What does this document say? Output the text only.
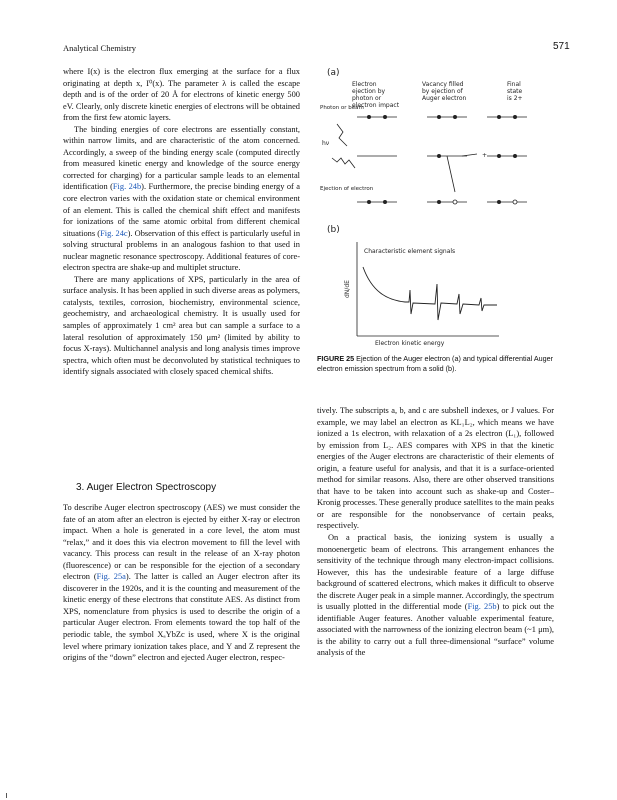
Analytical Chemistry	571

where I(x) is the electron flux emerging at the surface for a flux originating at depth x, I⁰(x). The parameter λ is called the escape depth and is of the order of 20 Å for electrons of kinetic energy 500 eV. Clearly, only discrete kinetic energies of electrons will be obtained from the first few atomic layers.

The binding energies of core electrons are essentially constant, within narrow limits, and are characteristic of the atom concerned. Accordingly, a sweep of the binding energy scale (computed directly from measured kinetic energy and knowledge of the source energy corrected for charging) for a particular sample leads to an elemental identification (Fig. 24b). Furthermore, the precise binding energy of a core electron varies with the oxidation state or chemical environment of an element. This is called the chemical shift effect and manifests for ionizations of the same atomic orbital from different chemical situations (Fig. 24c). Observation of this effect is particularly useful in solving structural problems in an analogous fashion to that used in nuclear magnetic resonance spectroscopy. Additional features of core-electron spectra are shake-up and multiplet structure.

There are many applications of XPS, particularly in the area of surface analysis. It has been applied in such diverse areas as polymers, catalysts, textiles, corrosion, biochemistry, environmental science, geochemistry, and archaeological chemistry. It is usually used for samples of approximately 1 cm² area but can sample a surface to a lateral resolution of approximately 150 μm² (limited by ability to focus X-rays). Multichannel analysis and long analysis times improve spectra, which often must be deconvoluted by statistical techniques to identify signals associated with closely spaced chemical shifts.

3. Auger Electron Spectroscopy

To describe Auger electron spectroscopy (AES) we must consider the fate of an atom after an electron is ejected by either X-ray or electron impact. When a hole is generated in a core level, the atom must “relax,” and it does this via electron movement to fill the level with vacancy. This process can result in the release of an X-ray photon (fluorescence) or can be responsible for the ejection of a secondary electron (Fig. 25a). The latter is called an Auger electron after its discoverer in the 1920s, and it is the counting and measurement of the kinetic energy of these electrons that constitute AES. As distinct from XPS, nomenclature from physics is used to describe the origin of a particular Auger electron. From elements toward the top half of the periodic table, the symbol XₐYbZc is used, where X is the original level where primary ionization takes place, and Y and Z represent the origins of the “down” electron and ejected Auger electron, respec-

(a)
Electron ejection by photon or electron impact
Vacancy filled by ejection of Auger electron
Final state is 2+
Photon or beam
hν
Ejection of electron
+
(b)
Characteristic element signals
dN/dE
Electron kinetic energy
FIGURE 25 Ejection of the Auger electron (a) and typical differential Auger electron emission spectrum from a solid (b).

tively. The subscripts a, b, and c are subshell indexes, or J values. For example, we may label an electron as KL₁L₂, which means we have ionized a 1s electron, with relaxation of a 2s electron (L₁), followed by emission from L₂. AES compares with XPS in that the kinetic energies of the Auger electrons are characteristic of their elements of origin, a feature useful for analysis, and that it is a surface-oriented method for similar reasons. Also, there are other observed transitions that have to be taken into account such as shake-up and Coster–Kronig processes. These generally produce satellites to the main peaks or are responsible for the nonobservance of certain peaks, respectively.

On a practical basis, the ionizing system is usually a monoenergetic beam of electrons. This arrangement enhances the sensitivity of the technique through many electron-impact collisions. However, this has the undesirable feature of a large diffuse background of scattered electrons, which makes it difficult to observe the discrete Auger peak in a simple manner. Accordingly, the spectrum is usually plotted in the differential mode (Fig. 25b) to pick out the identifiable Auger features. Another valuable experimental feature, associated with the narrowness of the ionizing electron beam (~1 μm), is the ability to carry out a full three-dimensional “surface” volume analysis of the
